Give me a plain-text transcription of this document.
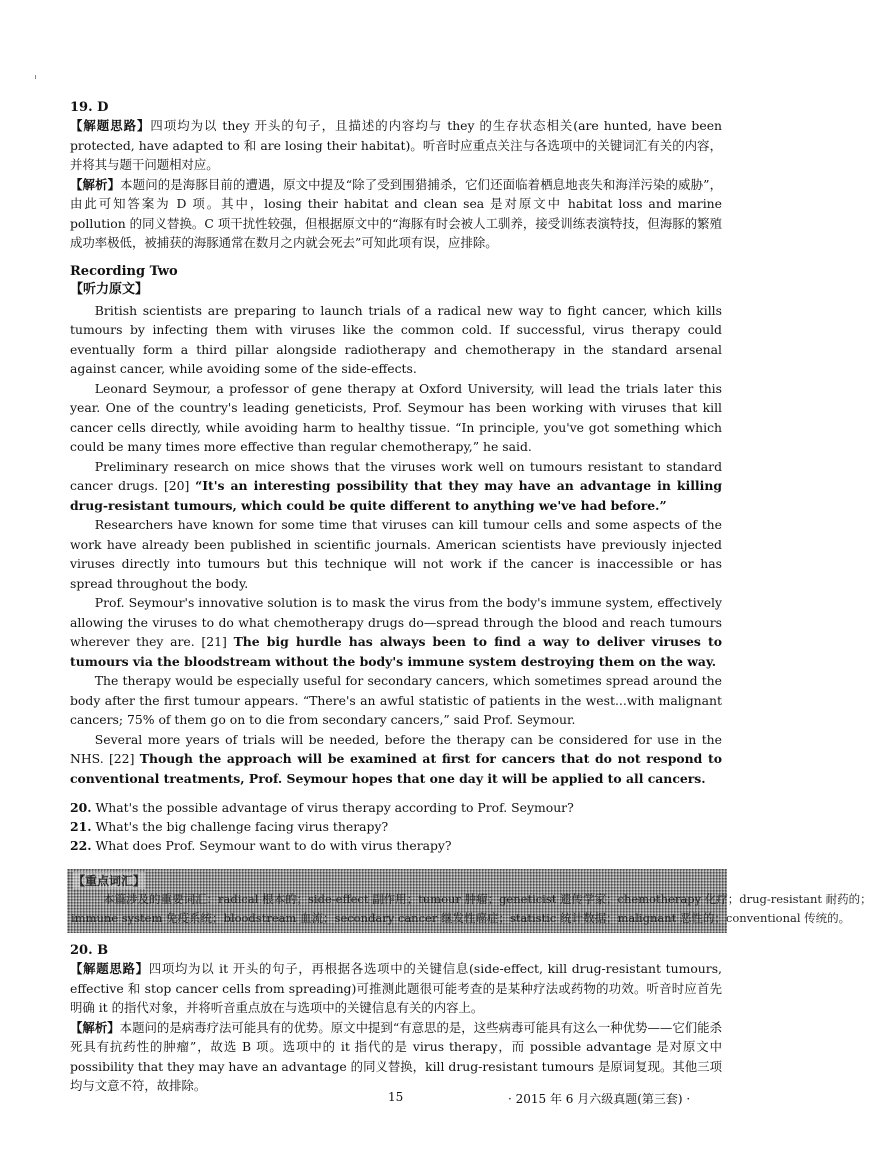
19. D

【解题思路】四项均为以 they 开头的句子，且描述的内容均与 they 的生存状态相关(are hunted, have been protected, have adapted to 和 are losing their habitat)。听音时应重点关注与各选项中的关键词汇有关的内容，并将其与题干问题相对应。

【解析】本题问的是海豚目前的遭遇，原文中提及“除了受到围猎捕杀，它们还面临着栖息地丧失和海洋污染的威胁”，由此可知答案为 D 项。其中，losing their habitat and clean sea 是对原文中 habitat loss and marine pollution 的同义替换。C 项干扰性较强，但根据原文中的“海豚有时会被人工驯养，接受训练表演特技，但海豚的繁殖成功率极低，被捕获的海豚通常在数月之内就会死去”可知此项有误，应排除。

Recording Two

【听力原文】

British scientists are preparing to launch trials of a radical new way to fight cancer, which kills tumours by infecting them with viruses like the common cold. If successful, virus therapy could eventually form a third pillar alongside radiotherapy and chemotherapy in the standard arsenal against cancer, while avoiding some of the side-effects.

Leonard Seymour, a professor of gene therapy at Oxford University, will lead the trials later this year. One of the country's leading geneticists, Prof. Seymour has been working with viruses that kill cancer cells directly, while avoiding harm to healthy tissue. “In principle, you've got something which could be many times more effective than regular chemotherapy,” he said.

Preliminary research on mice shows that the viruses work well on tumours resistant to standard cancer drugs. [20] “It's an interesting possibility that they may have an advantage in killing drug-resistant tumours, which could be quite different to anything we've had before.”

Researchers have known for some time that viruses can kill tumour cells and some aspects of the work have already been published in scientific journals. American scientists have previously injected viruses directly into tumours but this technique will not work if the cancer is inaccessible or has spread throughout the body.

Prof. Seymour's innovative solution is to mask the virus from the body's immune system, effectively allowing the viruses to do what chemotherapy drugs do—spread through the blood and reach tumours wherever they are. [21] The big hurdle has always been to find a way to deliver viruses to tumours via the bloodstream without the body's immune system destroying them on the way.

The therapy would be especially useful for secondary cancers, which sometimes spread around the body after the first tumour appears. “There's an awful statistic of patients in the west...with malignant cancers; 75% of them go on to die from secondary cancers,” said Prof. Seymour.

Several more years of trials will be needed, before the therapy can be considered for use in the NHS. [22] Though the approach will be examined at first for cancers that do not respond to conventional treatments, Prof. Seymour hopes that one day it will be applied to all cancers.

20. What's the possible advantage of virus therapy according to Prof. Seymour?

21. What's the big challenge facing virus therapy?

22. What does Prof. Seymour want to do with virus therapy?

【重点词汇】
本篇涉及的重要词汇：radical 根本的；side-effect 副作用；tumour 肿瘤；geneticist 遗传学家；chemotherapy 化疗；drug-resistant 耐药的；
immune system 免疫系统；bloodstream 血流；secondary cancer 继发性癌症；statistic 统计数据；malignant 恶性的；conventional 传统的。

20. B

【解题思路】四项均为以 it 开头的句子，再根据各选项中的关键信息(side-effect, kill drug-resistant tumours, effective 和 stop cancer cells from spreading)可推测此题很可能考查的是某种疗法或药物的功效。听音时应首先明确 it 的指代对象，并将听音重点放在与选项中的关键信息有关的内容上。

【解析】本题问的是病毒疗法可能具有的优势。原文中提到“有意思的是，这些病毒可能具有这么一种优势——它们能杀死具有抗药性的肿瘤”，故选 B 项。选项中的 it 指代的是 virus therapy，而 possible advantage 是对原文中 possibility that they may have an advantage 的同义替换，kill drug-resistant tumours 是原词复现。其他三项均与文意不符，故排除。

15	· 2015 年 6 月六级真题(第三套) ·
